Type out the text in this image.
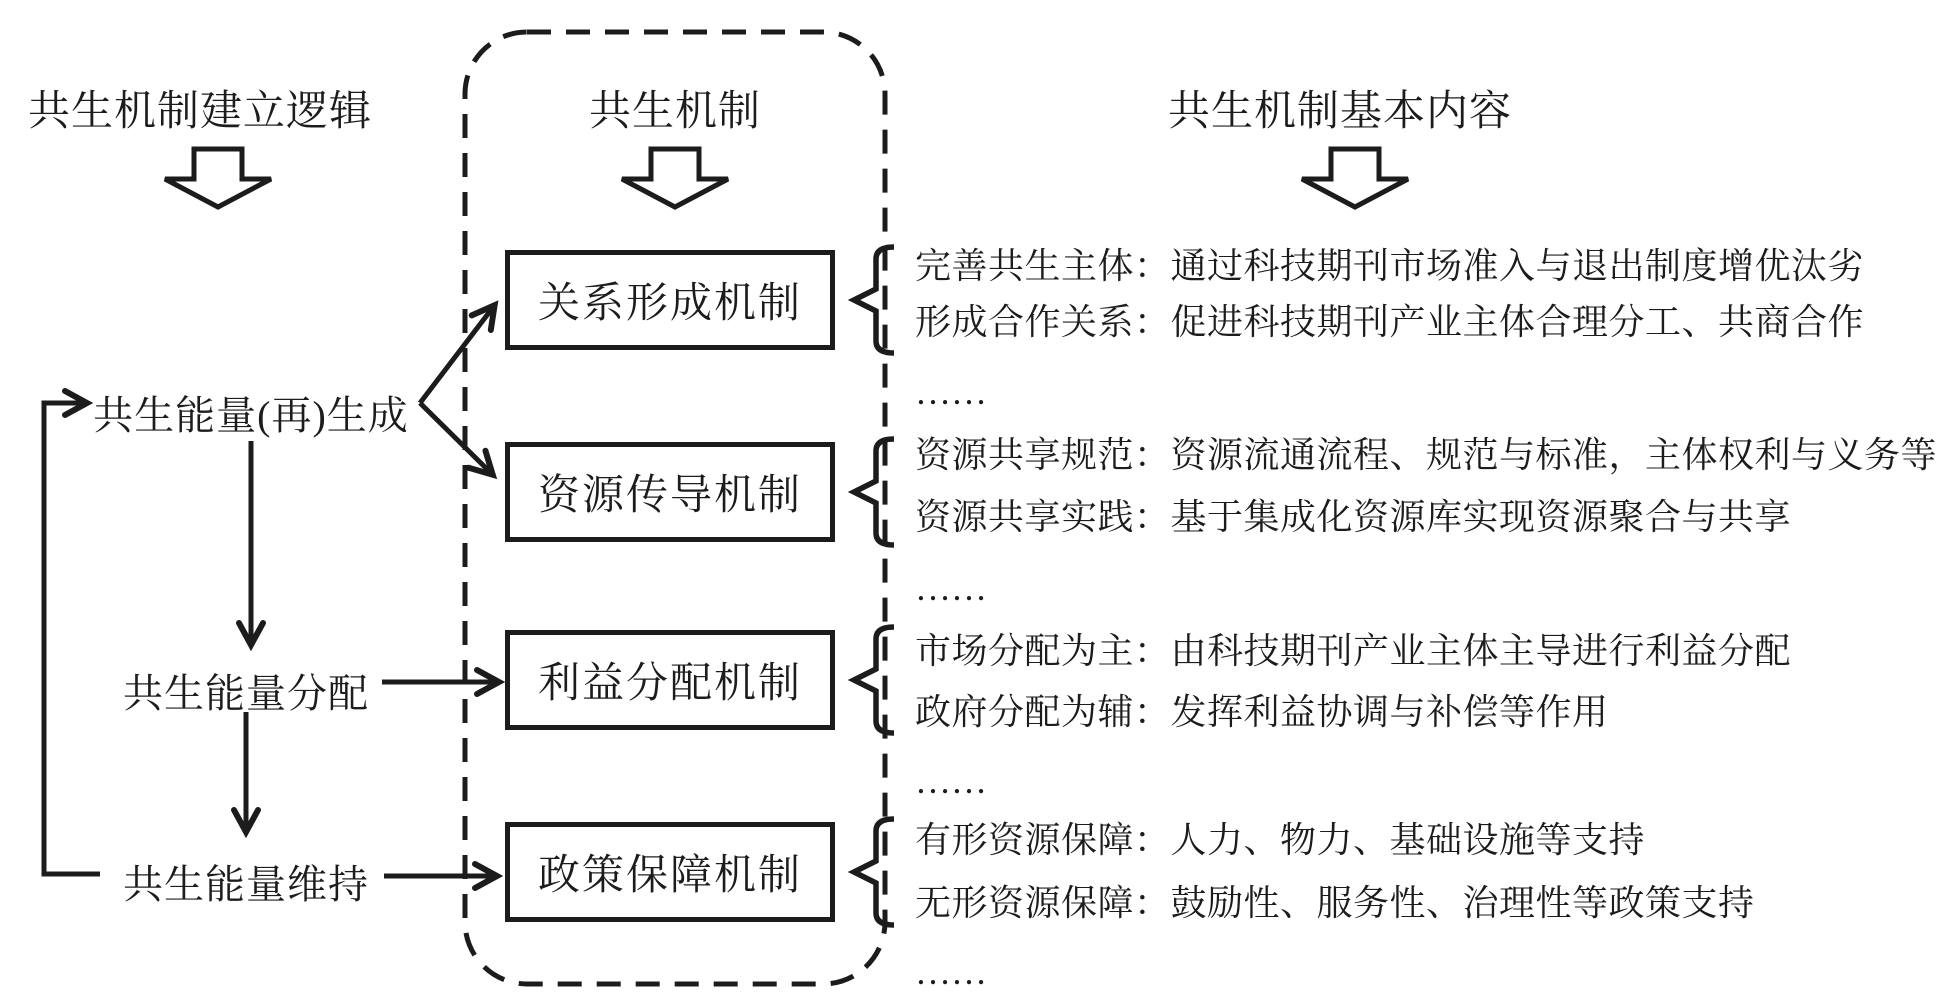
共生机制建立逻辑	共生机制	共生机制基本内容
共生能量(再)生成
共生能量分配
共生能量维持
关系形成机制
资源传导机制
利益分配机制
政策保障机制
完善共生主体：通过科技期刊市场准入与退出制度增优汰劣
形成合作关系：促进科技期刊产业主体合理分工、共商合作
……
资源共享规范：资源流通流程、规范与标准，主体权利与义务等
资源共享实践：基于集成化资源库实现资源聚合与共享
……
市场分配为主：由科技期刊产业主体主导进行利益分配
政府分配为辅：发挥利益协调与补偿等作用
……
有形资源保障：人力、物力、基础设施等支持
无形资源保障：鼓励性、服务性、治理性等政策支持
……
